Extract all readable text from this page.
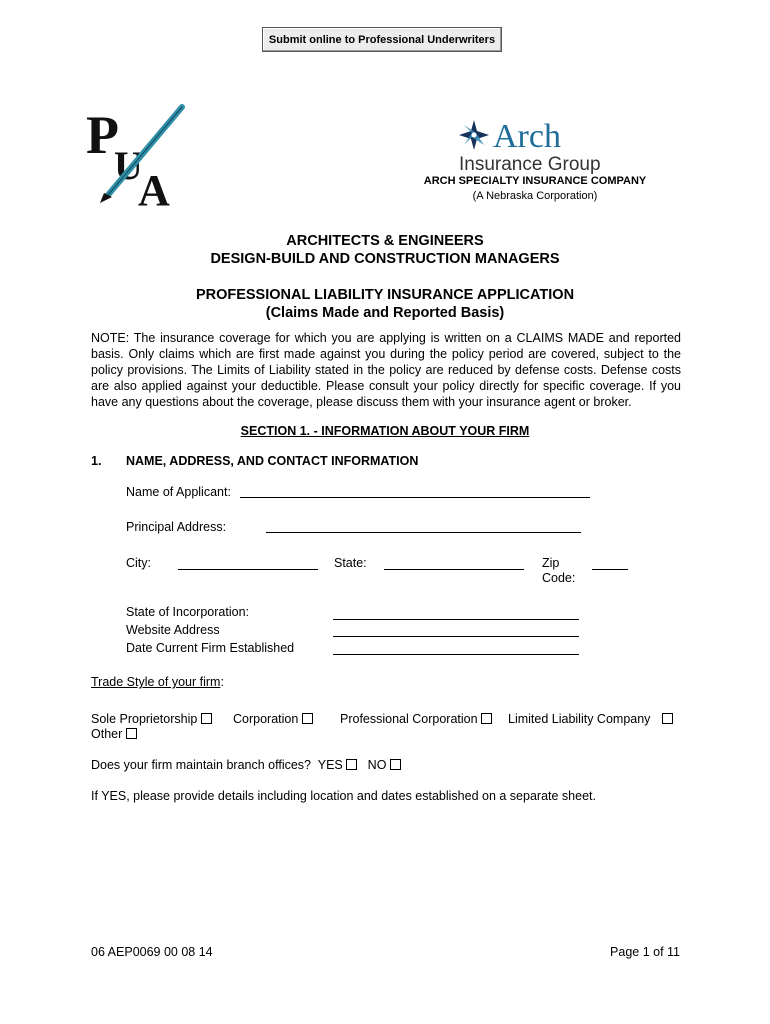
Submit online to Professional Underwriters
P
U
A
Arch
Insurance Group
ARCH SPECIALTY INSURANCE COMPANY
(A Nebraska Corporation)
ARCHITECTS & ENGINEERS
DESIGN-BUILD AND CONSTRUCTION MANAGERS
PROFESSIONAL LIABILITY INSURANCE APPLICATION
(Claims Made and Reported Basis)
NOTE: The insurance coverage for which you are applying is written on a CLAIMS MADE and reported basis. Only claims which are first made against you during the policy period are covered, subject to the policy provisions. The Limits of Liability stated in the policy are reduced by defense costs. Defense costs are also applied against your deductible. Please consult your policy directly for specific coverage. If you have any questions about the coverage, please discuss them with your insurance agent or broker.
SECTION 1. - INFORMATION ABOUT YOUR FIRM
1. NAME, ADDRESS, AND CONTACT INFORMATION
Name of Applicant:
Principal Address:
City:	State:	Zip
Code:
State of Incorporation:
Website Address
Date Current Firm Established
Trade Style of your firm:
Sole Proprietorship	Corporation	Professional Corporation	Limited Liability Company
Other
Does your firm maintain branch offices? YES NO
If YES, please provide details including location and dates established on a separate sheet.
06 AEP0069 00 08 14	Page 1 of 11
